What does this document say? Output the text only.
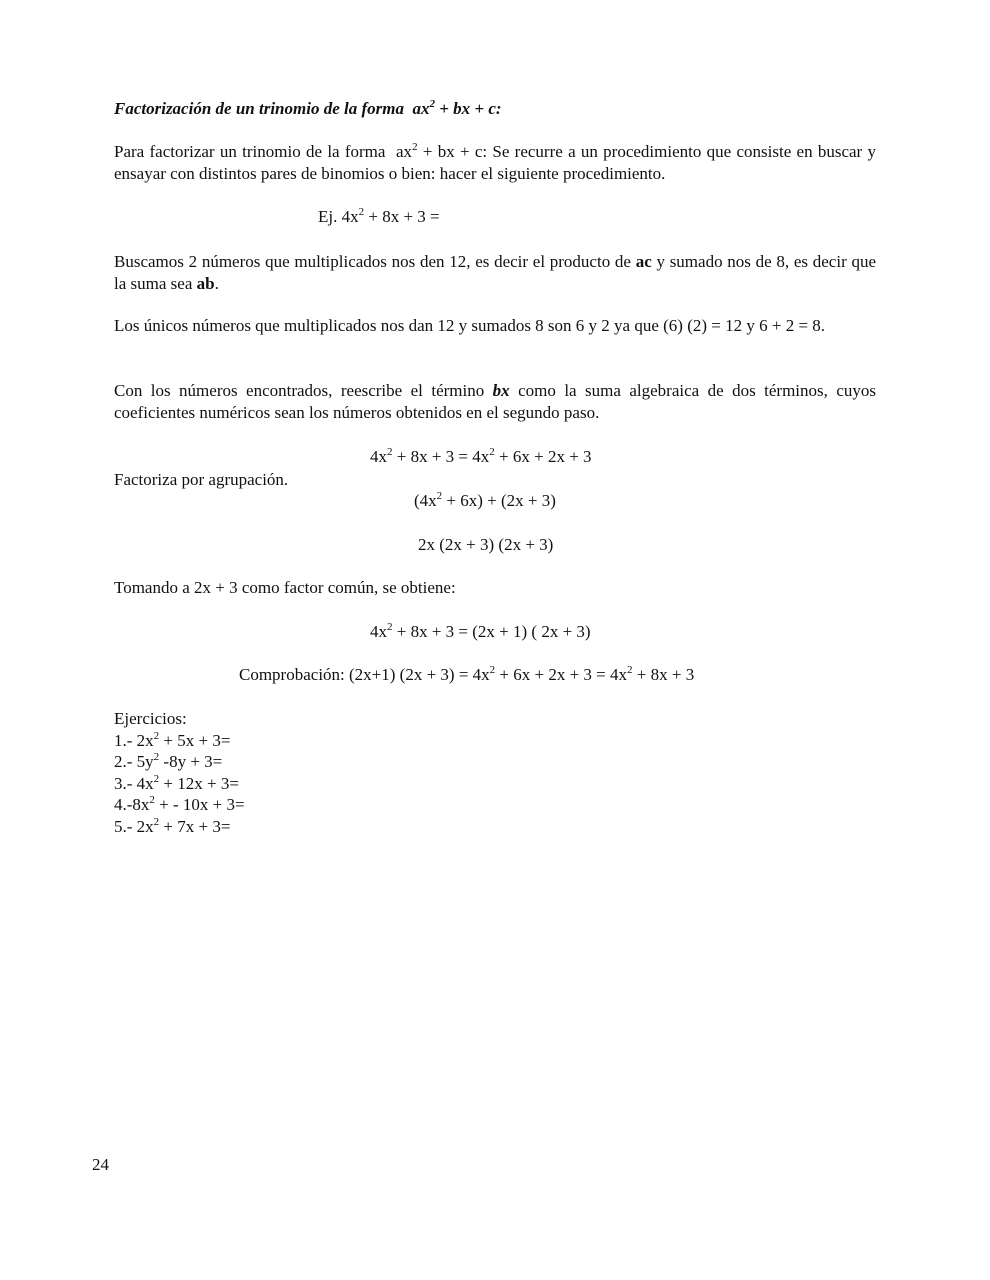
Factorización de un trinomio de la forma $ax^2$ + bx + c:
Para factorizar un trinomio de la forma $ax^2$ + bx + c: Se recurre a un procedimiento que consiste en buscar y ensayar con distintos pares de binomios o bien: hacer el siguiente procedimiento.
Ej. $4x^2 + 8x + 3$ =
Buscamos 2 números que multiplicados nos den 12, es decir el producto de ac y sumado nos de 8, es decir que la suma sea ab.
Los únicos números que multiplicados nos dan 12 y sumados 8 son 6 y 2 ya que (6) (2) = 12 y 6 + 2 = 8.
Con los números encontrados, reescribe el término bx como la suma algebraica de dos términos, cuyos coeficientes numéricos sean los números obtenidos en el segundo paso.
$4x^2 + 8x + 3 = 4x^2 + 6x + 2x + 3$
Factoriza por agrupación.
$(4x^2 + 6x) + (2x + 3)$
2x (2x + 3) (2x + 3)
Tomando a 2x + 3 como factor común, se obtiene:
$4x^2 + 8x + 3 = (2x + 1)$ ( 2x + 3)
Comprobación: (2x+1) $(2x + 3) = 4x^2 + 6x + 2x + 3 = 4x^2 + 8x + 3$
Ejercicios:
1.- $2x^2 + 5x + 3=$
2.- $5y^2$ -8y + 3=
3.- $4x^2 + 12x + 3=$
$4.-8x^2$ + - 10x + 3=
5.- $2x^2 + 7x + 3=$
24
